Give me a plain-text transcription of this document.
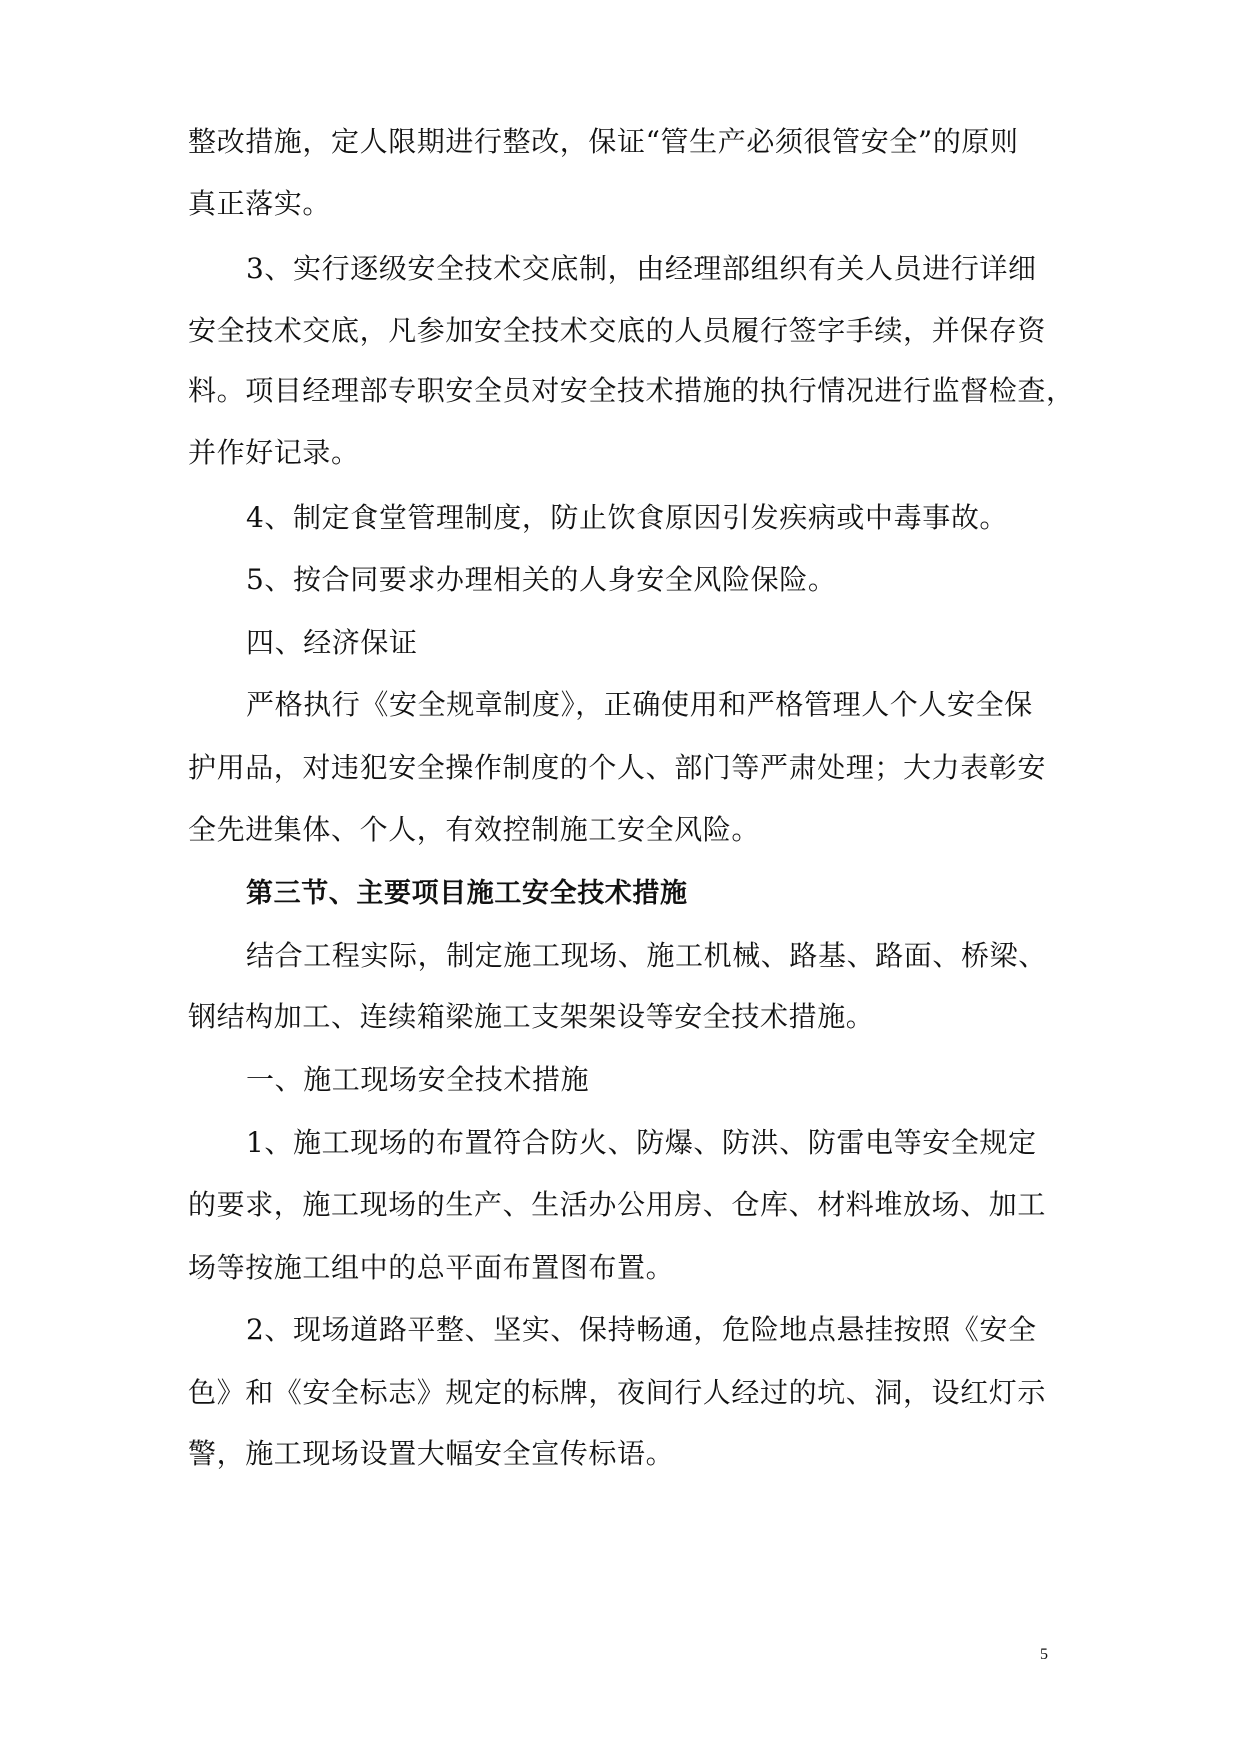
整改措施，定人限期进行整改，保证“管生产必须很管安全”的原则
真正落实。
3、实行逐级安全技术交底制，由经理部组织有关人员进行详细
安全技术交底，凡参加安全技术交底的人员履行签字手续，并保存资
料。项目经理部专职安全员对安全技术措施的执行情况进行监督检查，
并作好记录。
4、制定食堂管理制度，防止饮食原因引发疾病或中毒事故。
5、按合同要求办理相关的人身安全风险保险。
四、经济保证
严格执行《安全规章制度》，正确使用和严格管理人个人安全保
护用品，对违犯安全操作制度的个人、部门等严肃处理；大力表彰安
全先进集体、个人，有效控制施工安全风险。
第三节、主要项目施工安全技术措施
结合工程实际，制定施工现场、施工机械、路基、路面、桥梁、
钢结构加工、连续箱梁施工支架架设等安全技术措施。
一、施工现场安全技术措施
1、施工现场的布置符合防火、防爆、防洪、防雷电等安全规定
的要求，施工现场的生产、生活办公用房、仓库、材料堆放场、加工
场等按施工组中的总平面布置图布置。
2、现场道路平整、坚实、保持畅通，危险地点悬挂按照《安全
色》和《安全标志》规定的标牌，夜间行人经过的坑、洞，设红灯示
警，施工现场设置大幅安全宣传标语。
5
